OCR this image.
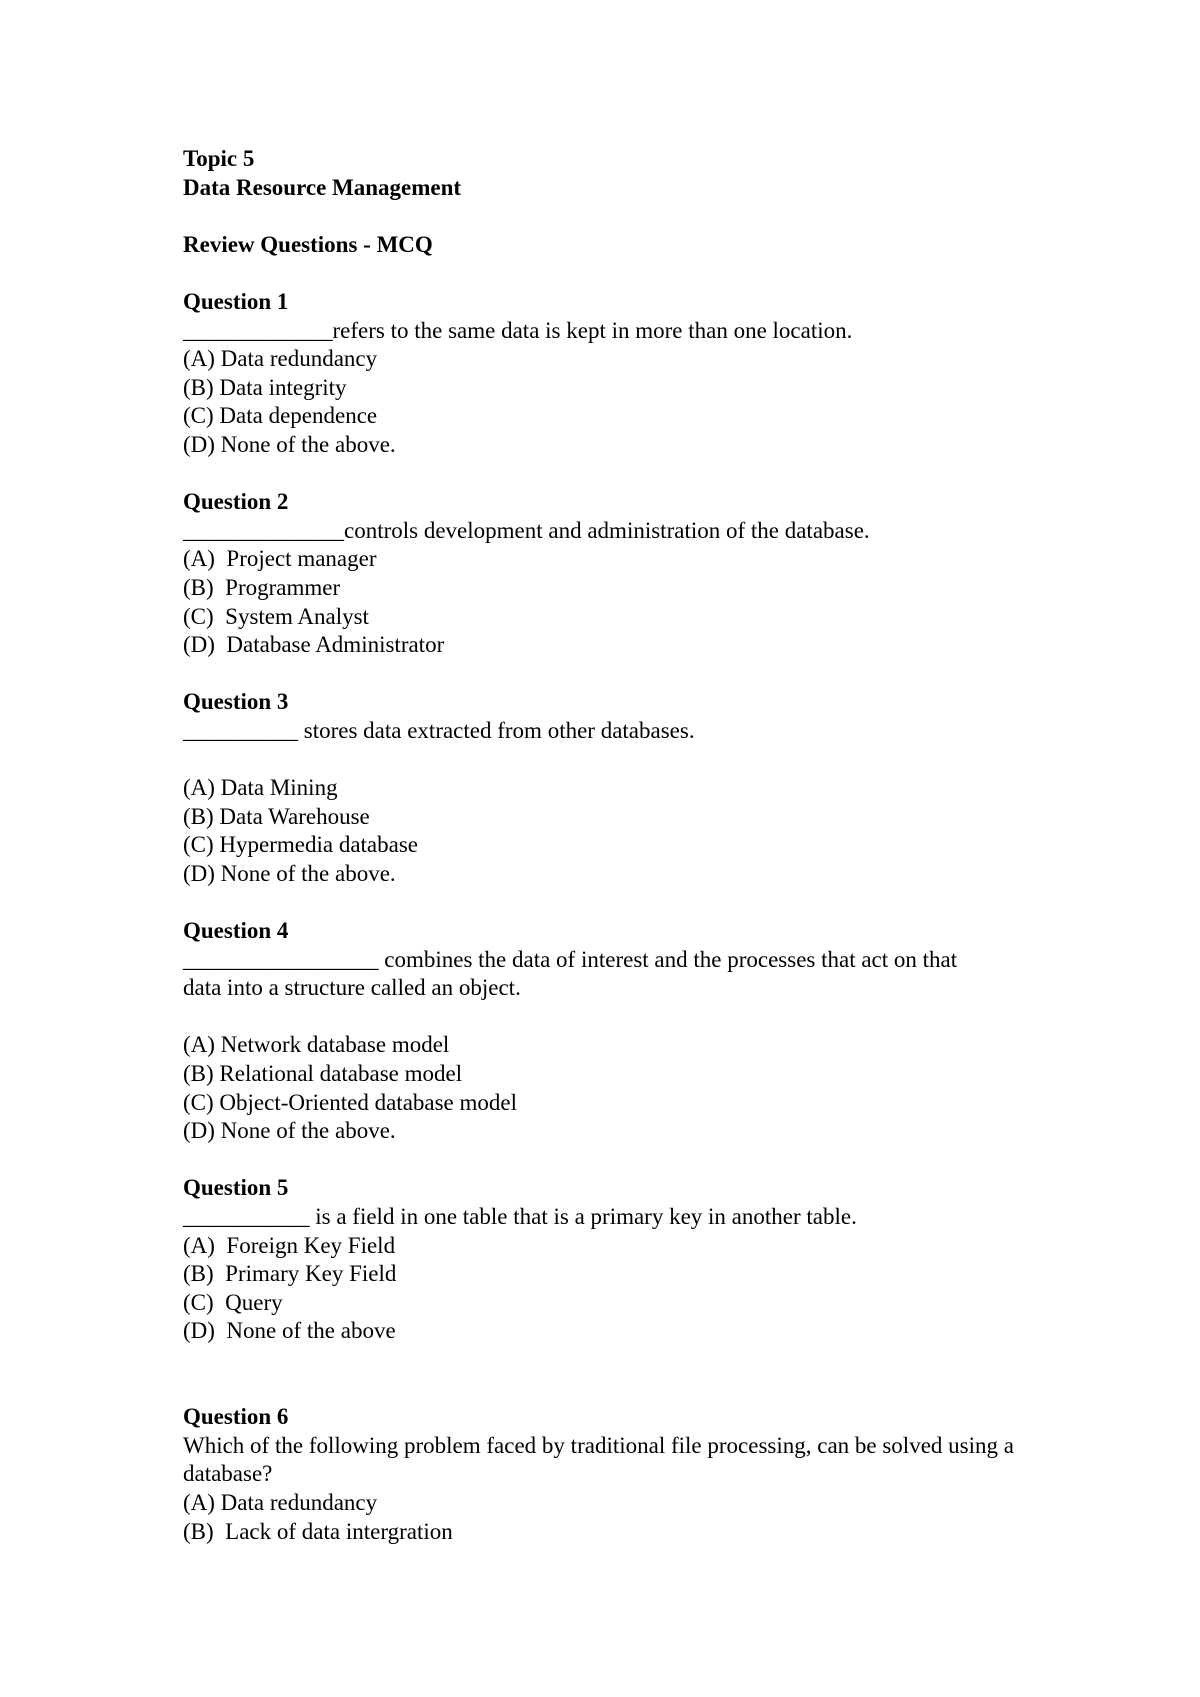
Topic 5
Data Resource Management
Review Questions - MCQ
Question 1
_____________refers to the same data is kept in more than one location.
(A) Data redundancy
(B) Data integrity
(C) Data dependence
(D) None of the above.
Question 2
______________controls development and administration of the database.
(A)  Project manager
(B)  Programmer
(C)  System Analyst
(D)  Database Administrator
Question 3
__________ stores data extracted from other databases.
(A) Data Mining
(B) Data Warehouse
(C) Hypermedia database
(D) None of the above.
Question 4
_________________ combines the data of interest and the processes that act on that data into a structure called an object.
(A) Network database model
(B) Relational database model
(C) Object-Oriented database model
(D) None of the above.
Question 5
___________ is a field in one table that is a primary key in another table.
(A)  Foreign Key Field
(B)  Primary Key Field
(C)  Query
(D)  None of the above
Question 6
Which of the following problem faced by traditional file processing, can be solved using a database?
(A) Data redundancy
(B)  Lack of data intergration
